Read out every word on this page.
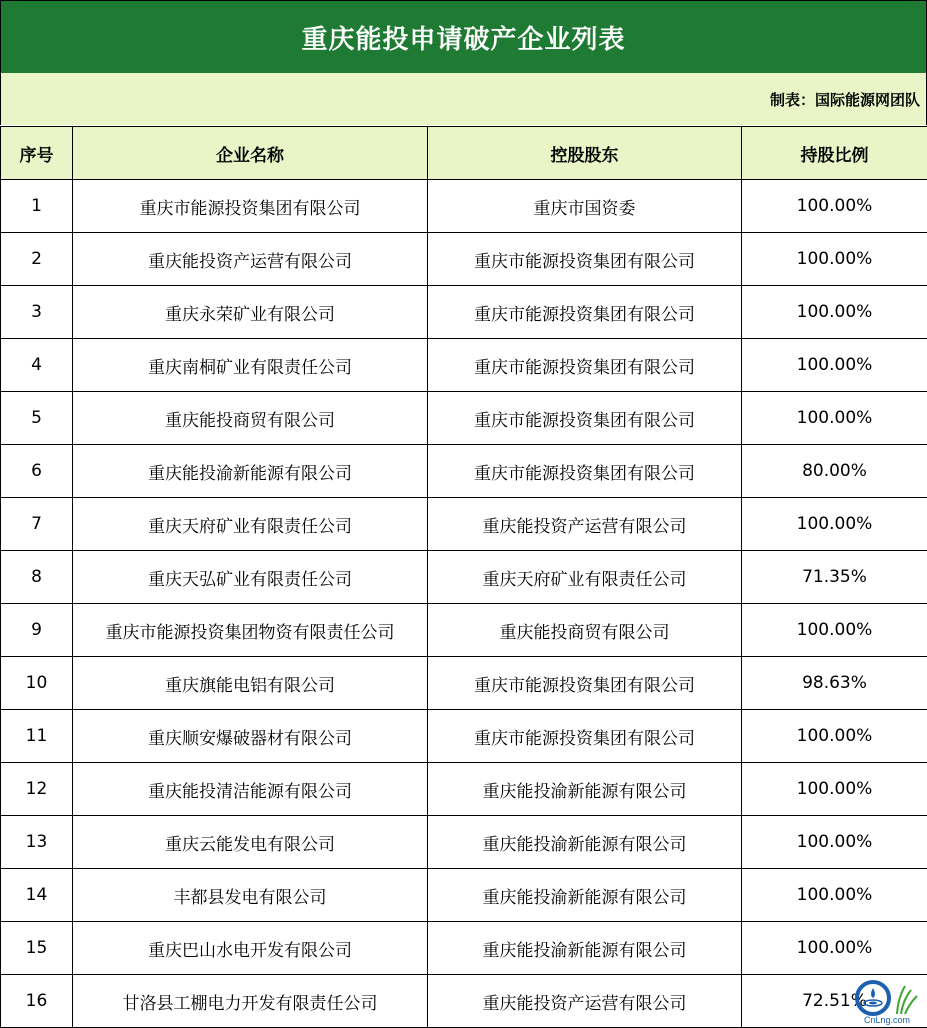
重庆能投申请破产企业列表
制表：国际能源网团队
序号	企业名称	控股股东	持股比例
1	重庆市能源投资集团有限公司	重庆市国资委	100.00%
2	重庆能投资产运营有限公司	重庆市能源投资集团有限公司	100.00%
3	重庆永荣矿业有限公司	重庆市能源投资集团有限公司	100.00%
4	重庆南桐矿业有限责任公司	重庆市能源投资集团有限公司	100.00%
5	重庆能投商贸有限公司	重庆市能源投资集团有限公司	100.00%
6	重庆能投渝新能源有限公司	重庆市能源投资集团有限公司	80.00%
7	重庆天府矿业有限责任公司	重庆能投资产运营有限公司	100.00%
8	重庆天弘矿业有限责任公司	重庆天府矿业有限责任公司	71.35%
9	重庆市能源投资集团物资有限责任公司	重庆能投商贸有限公司	100.00%
10	重庆旗能电铝有限公司	重庆市能源投资集团有限公司	98.63%
11	重庆顺安爆破器材有限公司	重庆市能源投资集团有限公司	100.00%
12	重庆能投清洁能源有限公司	重庆能投渝新能源有限公司	100.00%
13	重庆云能发电有限公司	重庆能投渝新能源有限公司	100.00%
14	丰都县发电有限公司	重庆能投渝新能源有限公司	100.00%
15	重庆巴山水电开发有限公司	重庆能投渝新能源有限公司	100.00%
16	甘洛县工棚电力开发有限责任公司	重庆能投资产运营有限公司	72.51%
CnLng.com
